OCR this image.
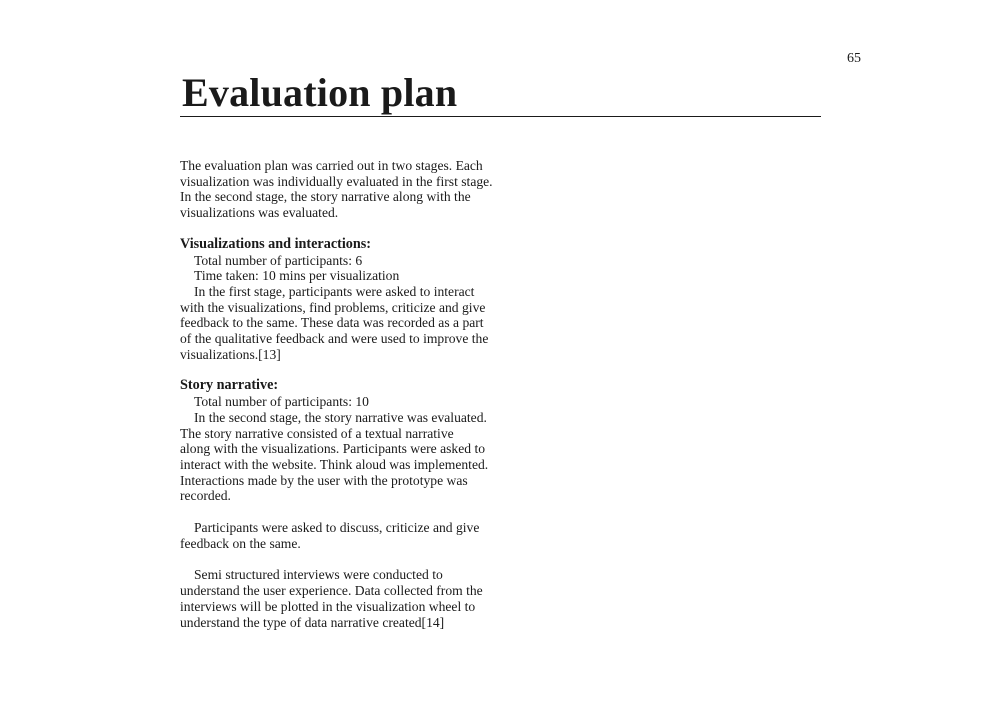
65
Evaluation plan

The evaluation plan was carried out in two stages. Each

visualization was individually evaluated in the first stage.

In the second stage, the story narrative along with the

visualizations was evaluated.

Visualizations and interactions:

Total number of participants: 6

Time taken: 10 mins per visualization

In the first stage, participants were asked to interact

with the visualizations, find problems, criticize and give

feedback to the same. These data was recorded as a part

of the qualitative feedback and were used to improve the

visualizations.[13]

Story narrative:

Total number of participants: 10

In the second stage, the story narrative was evaluated.

The story narrative consisted of a textual narrative

along with the visualizations. Participants were asked to

interact with the website. Think aloud was implemented.

Interactions made by the user with the prototype was

recorded.

Participants were asked to discuss, criticize and give

feedback on the same.

Semi structured interviews were conducted to

understand the user experience. Data collected from the

interviews will be plotted in the visualization wheel to

understand the type of data narrative created[14]
